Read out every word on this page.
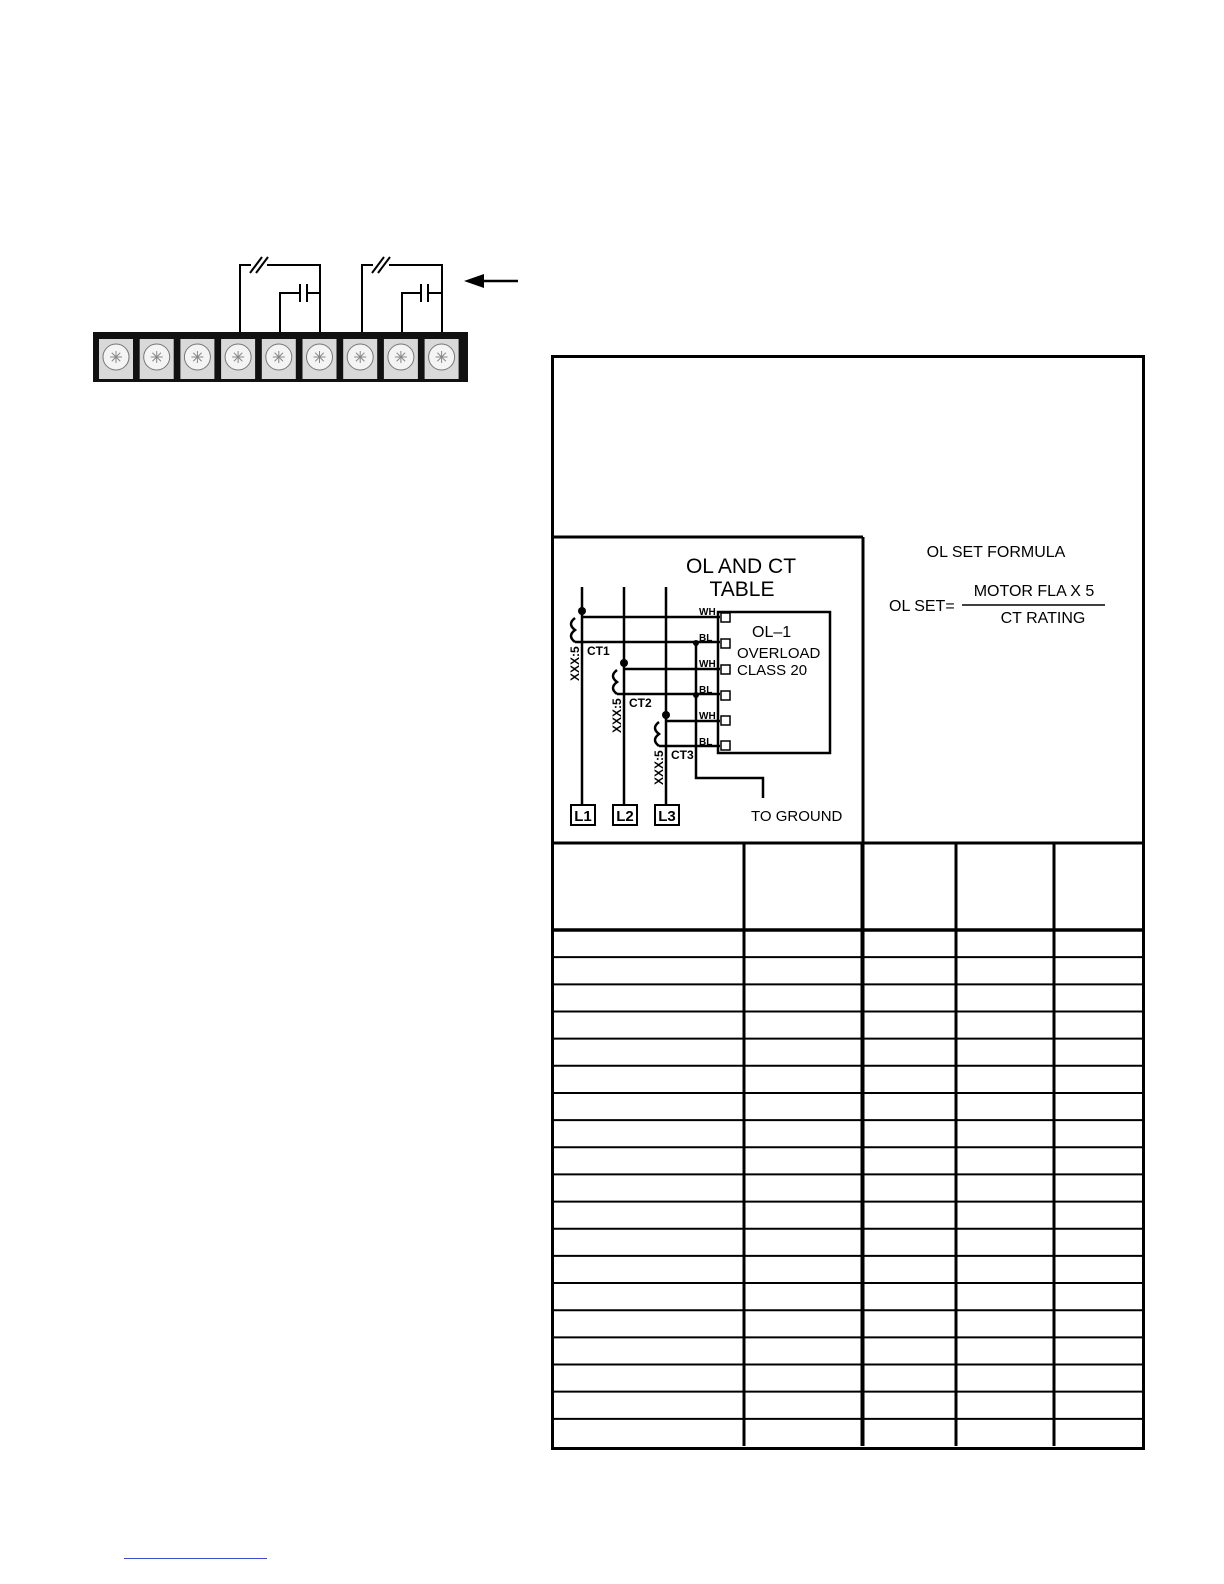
OL AND CT
TABLE
WH
BL
WH
BL
WH
BL
CT1
CT2
CT3
XXX:5
XXX:5
XXX:5
OL–1
OVERLOAD
CLASS 20
L1 L2 L3	TO GROUND
OL SET FORMULA
OL SET=
MOTOR FLA X 5
CT RATING
